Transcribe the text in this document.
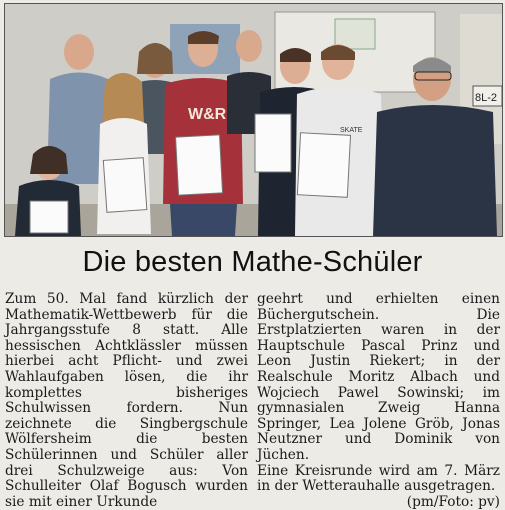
8L-2
W&R
SKATE
Die besten Mathe-Schüler

Zum 50. Mal fand kürzlich der Mathematik-Wettbewerb für die Jahrgangsstufe 8 statt. Alle hessischen Achtklässler müssen hierbei acht Pflicht- und zwei Wahlaufgaben lösen, die ihr komplettes bisheriges Schulwissen fordern. Nun zeichnete die Singbergschule Wölfersheim die besten Schülerinnen und Schüler aller drei Schulzweige aus: Von Schulleiter Olaf Bogusch wurden sie mit einer Urkunde

geehrt und erhielten einen Büchergutschein. Die Erstplatzierten waren in der Hauptschule Pascal Prinz und Leon Justin Riekert; in der Realschule Moritz Albach und Wojciech Pawel Sowinski; im gymnasialen Zweig Hanna Springer, Lea Jolene Gröb, Jonas Neutzner und Dominik von Jüchen.

Eine Kreisrunde wird am 7. März in der Wetterauhalle ausgetragen.

(pm/Foto: pv)
